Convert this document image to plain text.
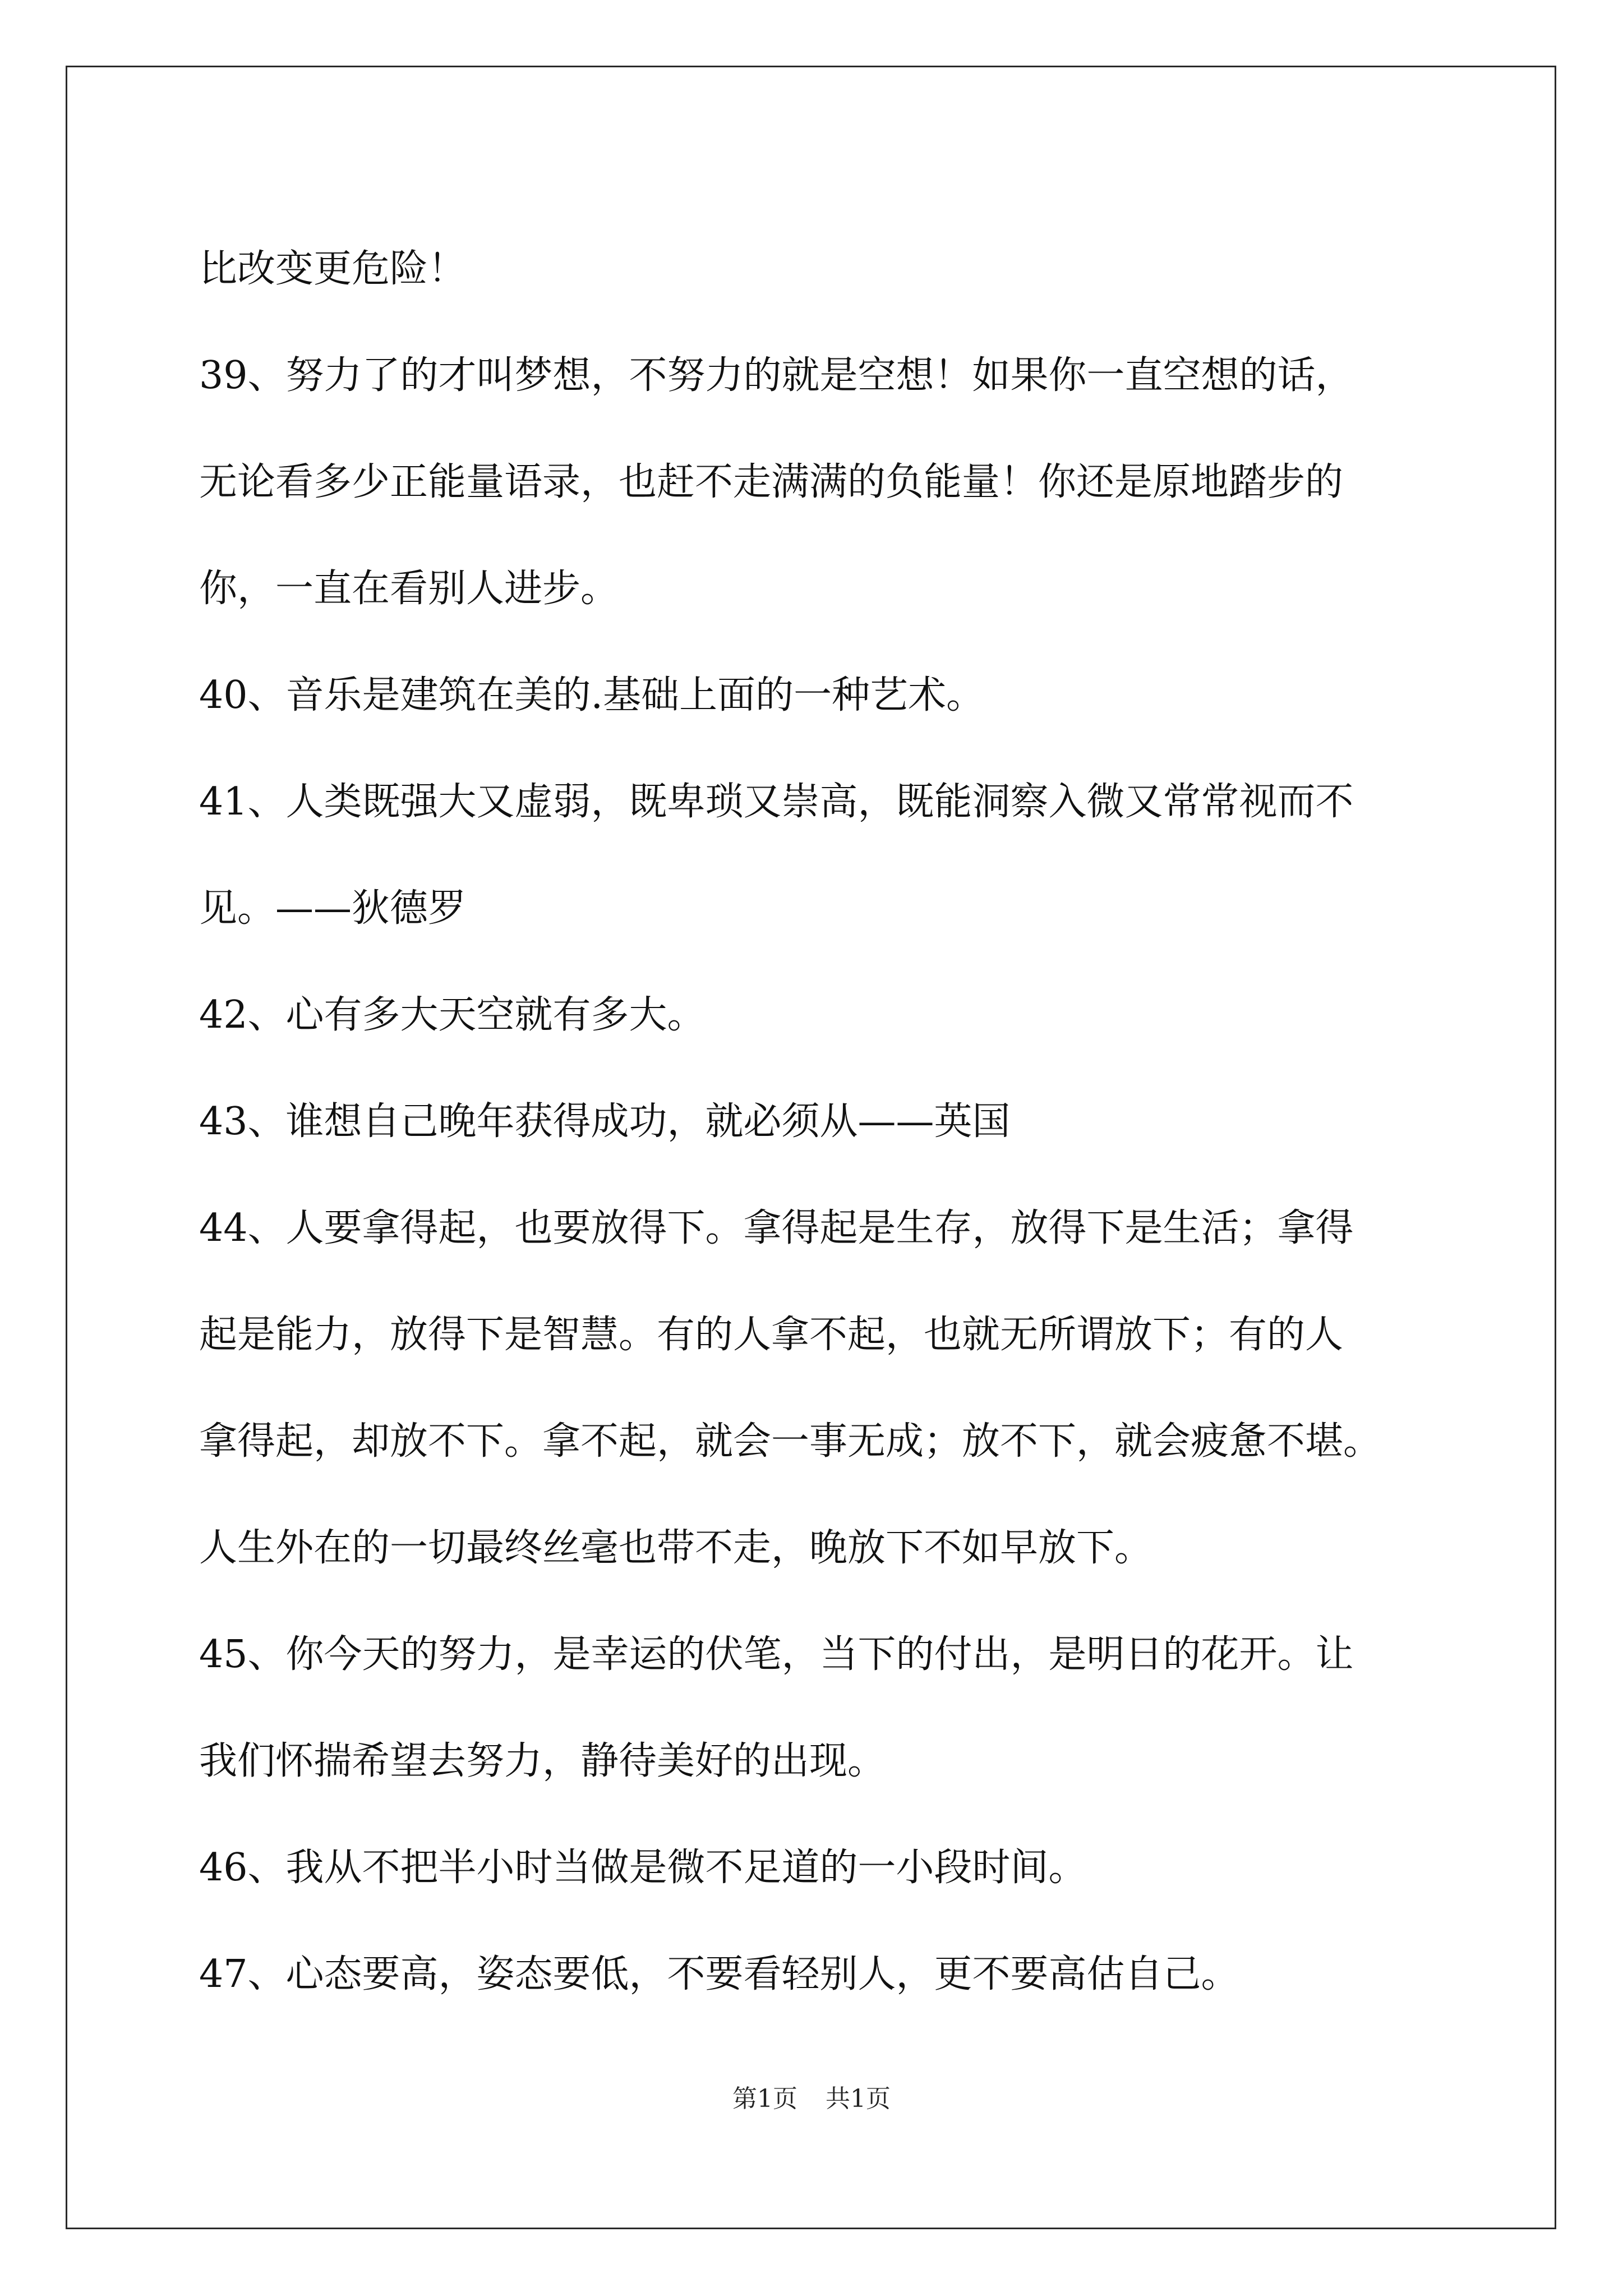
比改变更危险！
39、努力了的才叫梦想，不努力的就是空想！如果你一直空想的话，
无论看多少正能量语录，也赶不走满满的负能量！你还是原地踏步的
你，一直在看别人进步。
40、音乐是建筑在美的.基础上面的一种艺术。
41、人类既强大又虚弱，既卑琐又崇高，既能洞察入微又常常视而不
见。——狄德罗
42、心有多大天空就有多大。
43、谁想自己晚年获得成功，就必须从——英国
44、人要拿得起，也要放得下。拿得起是生存，放得下是生活；拿得
起是能力，放得下是智慧。有的人拿不起，也就无所谓放下；有的人
拿得起，却放不下。拿不起，就会一事无成；放不下，就会疲惫不堪。
人生外在的一切最终丝毫也带不走，晚放下不如早放下。
45、你今天的努力，是幸运的伏笔，当下的付出，是明日的花开。让
我们怀揣希望去努力，静待美好的出现。
46、我从不把半小时当做是微不足道的一小段时间。
47、心态要高，姿态要低，不要看轻别人，更不要高估自己。
第1页 共1页
